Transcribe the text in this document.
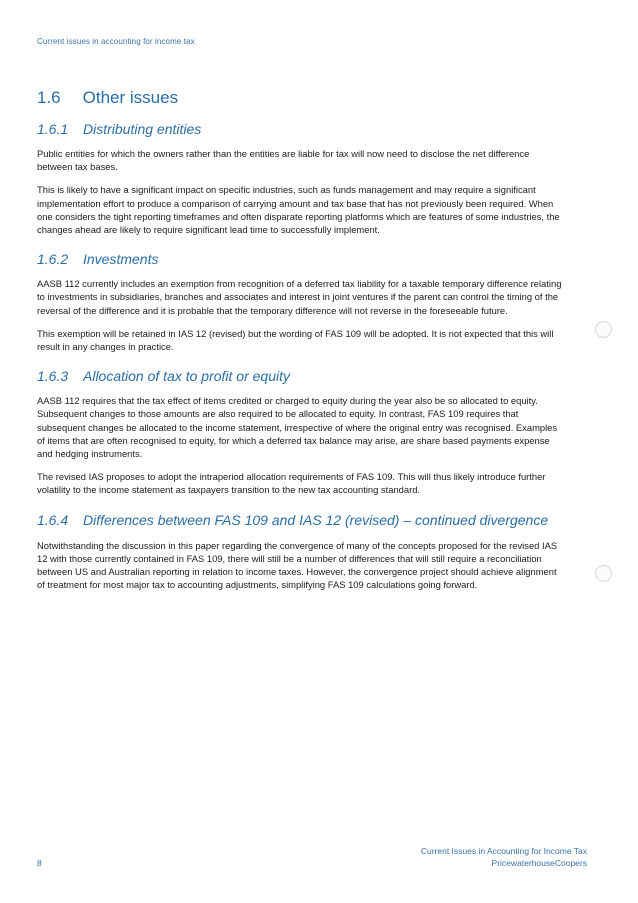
Current issues in accounting for income tax
1.6 Other issues
1.6.1	Distributing entities

Public entities for which the owners rather than the entities are liable for tax will now need to disclose the net difference between tax bases.

This is likely to have a significant impact on specific industries, such as funds management and may require a significant implementation effort to produce a comparison of carrying amount and tax base that has not previously been required. When one considers the tight reporting timeframes and often disparate reporting platforms which are features of some industries, the changes ahead are likely to require significant lead time to successfully implement.

1.6.2	Investments

AASB 112 currently includes an exemption from recognition of a deferred tax liability for a taxable temporary difference relating to investments in subsidiaries, branches and associates and interest in joint ventures if the parent can control the timing of the reversal of the difference and it is probable that the temporary difference will not reverse in the foreseeable future.

This exemption will be retained in IAS 12 (revised) but the wording of FAS 109 will be adopted. It is not expected that this will result in any changes in practice.

1.6.3	Allocation of tax to profit or equity

AASB 112 requires that the tax effect of items credited or charged to equity during the year also be so allocated to equity. Subsequent changes to those amounts are also required to be allocated to equity. In contrast, FAS 109 requires that subsequent changes be allocated to the income statement, irrespective of where the original entry was recognised. Examples of items that are often recognised to equity, for which a deferred tax balance may arise, are share based payments expense and hedging instruments.

The revised IAS proposes to adopt the intraperiod allocation requirements of FAS 109. This will thus likely introduce further volatility to the income statement as taxpayers transition to the new tax accounting standard.

1.6.4	Differences between FAS 109 and IAS 12 (revised) – continued divergence

Notwithstanding the discussion in this paper regarding the convergence of many of the concepts proposed for the revised IAS 12 with those currently contained in FAS 109, there will still be a number of differences that will still require a reconciliation between US and Australian reporting in relation to income taxes. However, the convergence project should achieve alignment of treatment for most major tax to accounting adjustments, simplifying FAS 109 calculations going forward.

8
Current Issues in Accounting for Income Tax
PricewaterhouseCoopers
